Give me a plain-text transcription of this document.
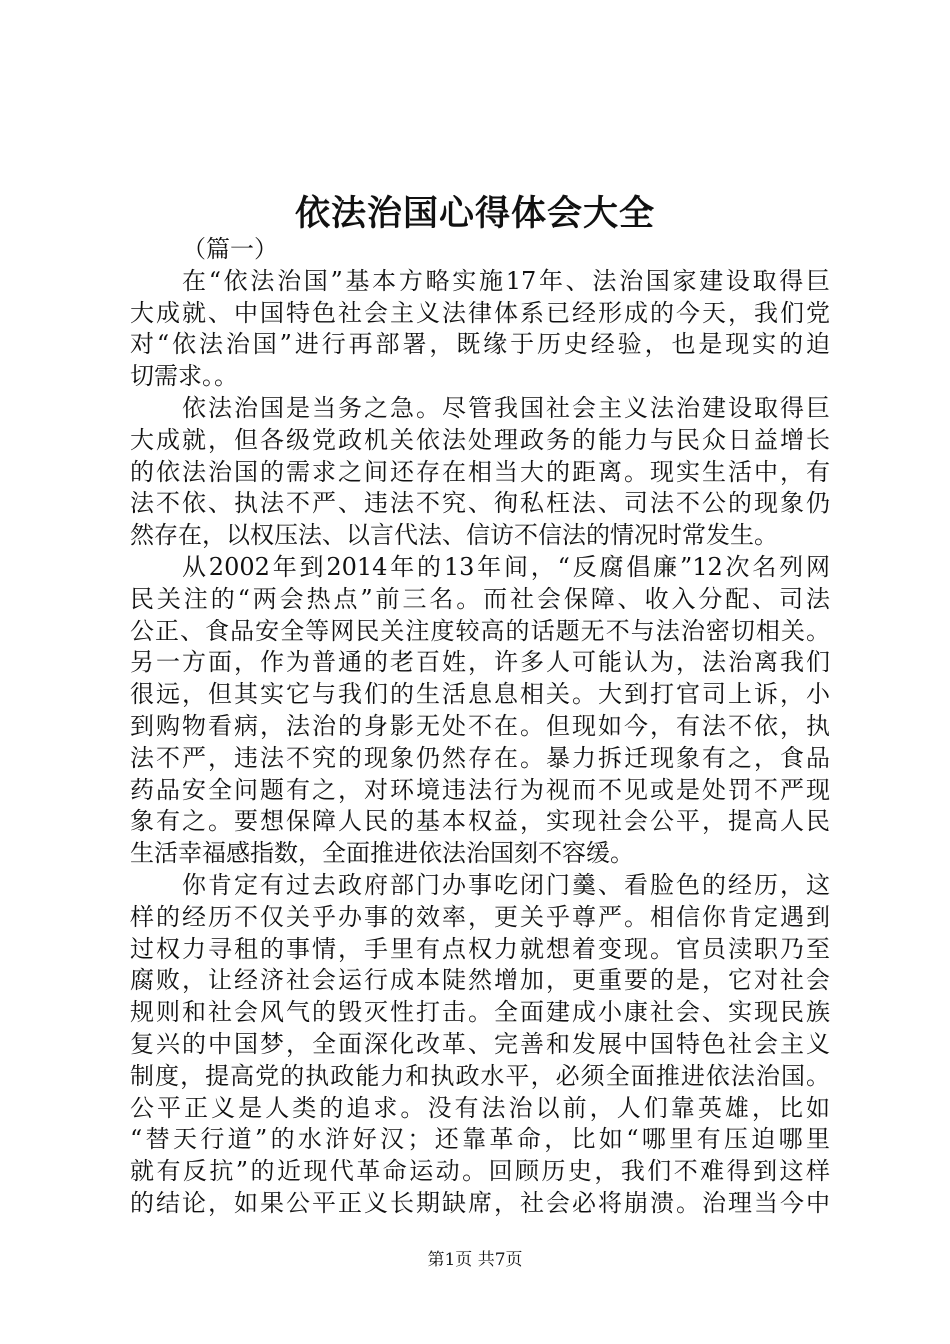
依法治国心得体会大全
（篇一）
在“依法治国”基本方略实施17年、法治国家建设取得巨
大成就、中国特色社会主义法律体系已经形成的今天，我们党
对“依法治国”进行再部署，既缘于历史经验，也是现实的迫
切需求。。
依法治国是当务之急。尽管我国社会主义法治建设取得巨
大成就，但各级党政机关依法处理政务的能力与民众日益增长
的依法治国的需求之间还存在相当大的距离。现实生活中，有
法不依、执法不严、违法不究、徇私枉法、司法不公的现象仍
然存在，以权压法、以言代法、信访不信法的情况时常发生。
从2002年到2014年的13年间，“反腐倡廉”12次名列网
民关注的“两会热点”前三名。而社会保障、收入分配、司法
公正、食品安全等网民关注度较高的话题无不与法治密切相关。
另一方面，作为普通的老百姓，许多人可能认为，法治离我们
很远，但其实它与我们的生活息息相关。大到打官司上诉，小
到购物看病，法治的身影无处不在。但现如今，有法不依，执
法不严，违法不究的现象仍然存在。暴力拆迁现象有之，食品
药品安全问题有之，对环境违法行为视而不见或是处罚不严现
象有之。要想保障人民的基本权益，实现社会公平，提高人民
生活幸福感指数，全面推进依法治国刻不容缓。
你肯定有过去政府部门办事吃闭门羹、看脸色的经历，这
样的经历不仅关乎办事的效率，更关乎尊严。相信你肯定遇到
过权力寻租的事情，手里有点权力就想着变现。官员渎职乃至
腐败，让经济社会运行成本陡然增加，更重要的是，它对社会
规则和社会风气的毁灭性打击。全面建成小康社会、实现民族
复兴的中国梦，全面深化改革、完善和发展中国特色社会主义
制度，提高党的执政能力和执政水平，必须全面推进依法治国。
公平正义是人类的追求。没有法治以前，人们靠英雄，比如
“替天行道”的水浒好汉；还靠革命，比如“哪里有压迫哪里
就有反抗”的近现代革命运动。回顾历史，我们不难得到这样
的结论，如果公平正义长期缺席，社会必将崩溃。治理当今中
第1页 共7页
